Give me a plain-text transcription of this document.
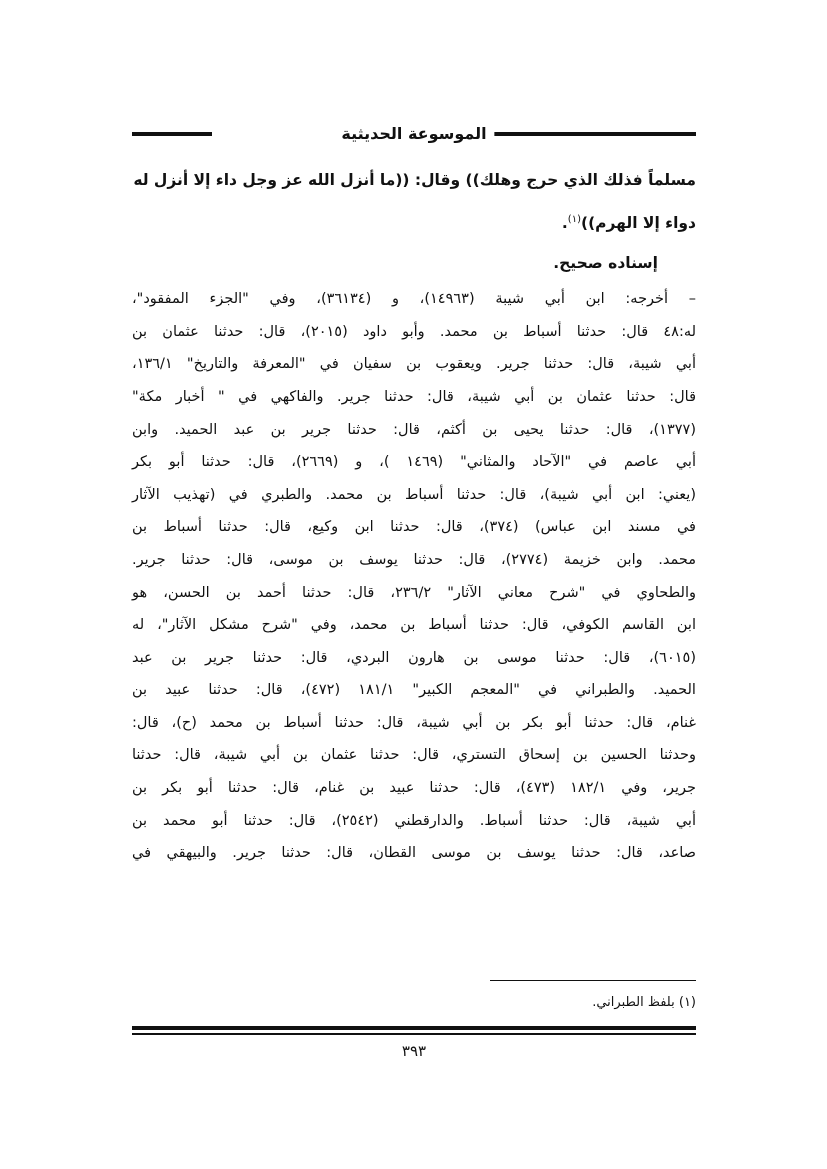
الموسوعة الحديثية

مسلماً فذلك الذي حرج وهلك)) وقال: ((ما أنزل الله عز وجل داء إلا أنزل له

دواء إلا الهرم))$^{(١)}$.

إسناده صحيح.

– أخرجه: ابن أبي شيبة (١٤٩٦٣)، و (٣٦١٣٤)، وفي "الجزء المفقود"،

له:٤٨ قال: حدثنا أسباط بن محمد. وأبو داود (٢٠١٥)، قال: حدثنا عثمان بن

أبي شيبة، قال: حدثنا جرير. ويعقوب بن سفيان في "المعرفة والتاريخ" ١٣٦/١،

قال: حدثنا عثمان بن أبي شيبة، قال: حدثنا جرير. والفاكهي في " أخبار مكة"

(١٣٧٧)، قال: حدثنا يحيى بن أكثم، قال: حدثنا جرير بن عبد الحميد. وابن

أبي عاصم في "الآحاد والمثاني" (١٤٦٩ )، و (٢٦٦٩)، قال: حدثنا أبو بكر

(يعني: ابن أبي شيبة)، قال: حدثنا أسباط بن محمد. والطبري في (تهذيب الآثار

في مسند ابن عباس) (٣٧٤)، قال: حدثنا ابن وكيع، قال: حدثنا أسباط بن

محمد. وابن خزيمة (٢٧٧٤)، قال: حدثنا يوسف بن موسى، قال: حدثنا جرير.

والطحاوي في "شرح معاني الآثار" ٢٣٦/٢، قال: حدثنا أحمد بن الحسن، هو

ابن القاسم الكوفي، قال: حدثنا أسباط بن محمد، وفي "شرح مشكل الآثار"، له

(٦٠١٥)، قال: حدثنا موسى بن هارون البردي، قال: حدثنا جرير بن عبد

الحميد. والطبراني في "المعجم الكبير" ١٨١/١ (٤٧٢)، قال: حدثنا عبيد بن

غنام، قال: حدثنا أبو بكر بن أبي شيبة، قال: حدثنا أسباط بن محمد (ح)، قال:

وحدثنا الحسين بن إسحاق التستري، قال: حدثنا عثمان بن أبي شيبة، قال: حدثنا

جرير، وفي ١٨٢/١ (٤٧٣)، قال: حدثنا عبيد بن غنام، قال: حدثنا أبو بكر بن

أبي شيبة، قال: حدثنا أسباط. والدارقطني (٢٥٤٢)، قال: حدثنا أبو محمد بن

صاعد، قال: حدثنا يوسف بن موسى القطان، قال: حدثنا جرير. والبيهقي في

(١) بلفظ الطبراني.
٣٩٣
